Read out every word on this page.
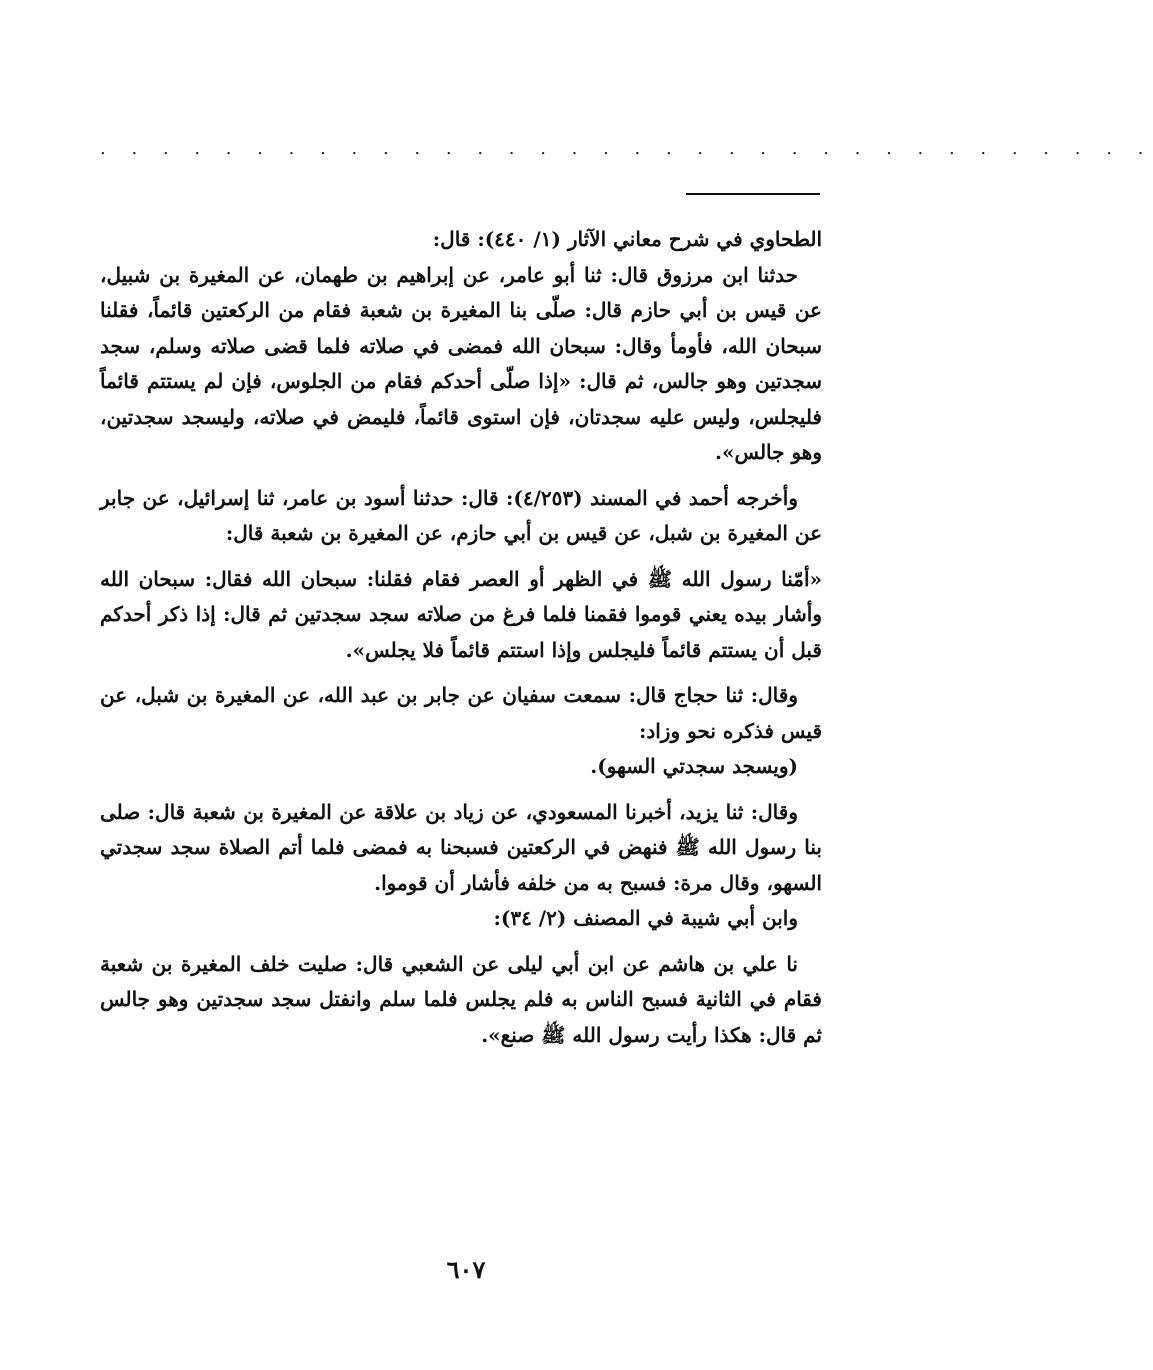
. . . . . . . . . . . . . . . . . . . . . . . . . . . . . . . . . .

الطحاوي في شرح معاني الآثار (١/ ٤٤٠): قال:

حدثنا ابن مرزوق قال: ثنا أبو عامر، عن إبراهيم بن طهمان، عن المغيرة بن شبيل، عن قيس بن أبي حازم قال: صلّى بنا المغيرة بن شعبة فقام من الركعتين قائماً، فقلنا سبحان الله، فأومأ وقال: سبحان الله فمضى في صلاته فلما قضى صلاته وسلم، سجد سجدتين وهو جالس، ثم قال: «إذا صلّى أحدكم فقام من الجلوس، فإن لم يستتم قائماً فليجلس، وليس عليه سجدتان، فإن استوى قائماً، فليمض في صلاته، وليسجد سجدتين، وهو جالس».

وأخرجه أحمد في المسند (٤/٢٥٣): قال: حدثنا أسود بن عامر، ثنا إسرائيل، عن جابر عن المغيرة بن شبل، عن قيس بن أبي حازم، عن المغيرة بن شعبة قال:

«أمّنا رسول الله ﷺ في الظهر أو العصر فقام فقلنا: سبحان الله فقال: سبحان الله وأشار بيده يعني قوموا فقمنا فلما فرغ من صلاته سجد سجدتين ثم قال: إذا ذكر أحدكم قبل أن يستتم قائماً فليجلس وإذا استتم قائماً فلا يجلس».

وقال: ثنا حجاج قال: سمعت سفيان عن جابر بن عبد الله، عن المغيرة بن شبل، عن قيس فذكره نحو وزاد:

(ويسجد سجدتي السهو).

وقال: ثنا يزيد، أخبرنا المسعودي، عن زياد بن علاقة عن المغيرة بن شعبة قال: صلى بنا رسول الله ﷺ فنهض في الركعتين فسبحنا به فمضى فلما أتم الصلاة سجد سجدتي السهو، وقال مرة: فسبح به من خلفه فأشار أن قوموا.

وابن أبي شيبة في المصنف (٢/ ٣٤):

نا علي بن هاشم عن ابن أبي ليلى عن الشعبي قال: صليت خلف المغيرة بن شعبة فقام في الثانية فسبح الناس به فلم يجلس فلما سلم وانفتل سجد سجدتين وهو جالس ثم قال: هكذا رأيت رسول الله ﷺ صنع».

٦٠٧
